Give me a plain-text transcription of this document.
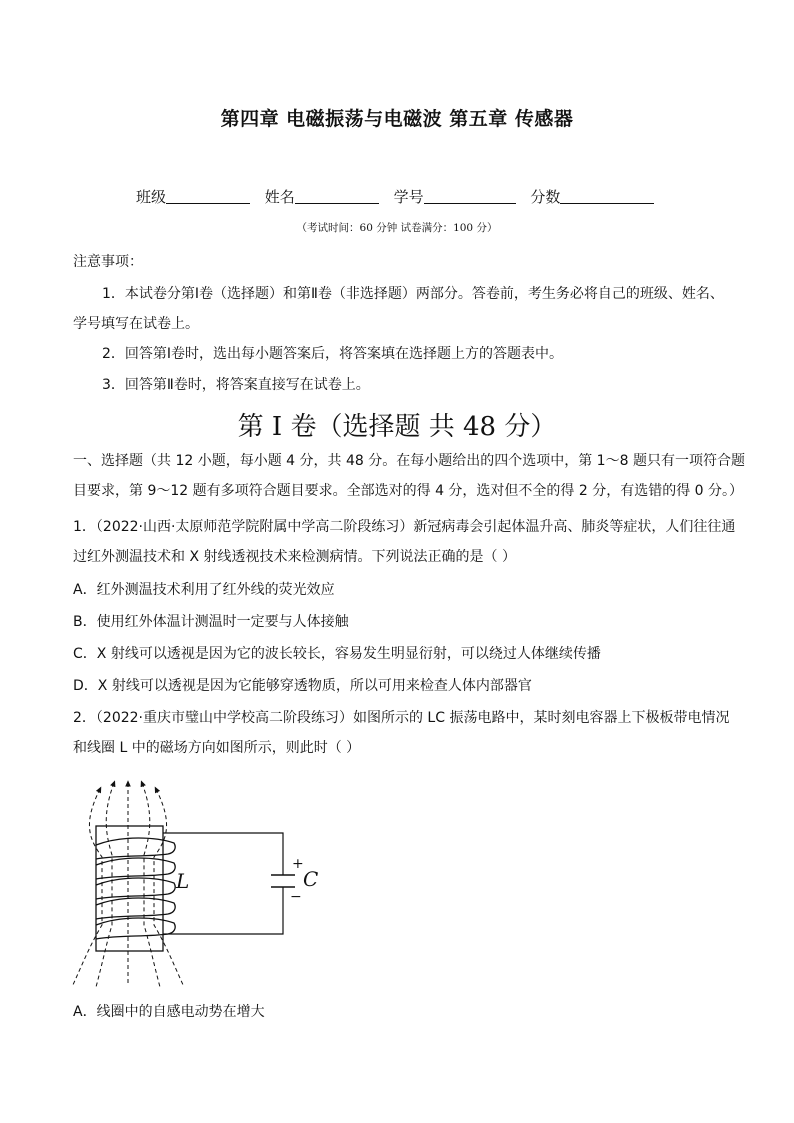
第四章 电磁振荡与电磁波 第五章 传感器
班级	姓名	学号	分数
（考试时间：60 分钟 试卷满分：100 分）
注意事项：
1．本试卷分第Ⅰ卷（选择题）和第Ⅱ卷（非选择题）两部分。答卷前，考生务必将自己的班级、姓名、
学号填写在试卷上。
2．回答第Ⅰ卷时，选出每小题答案后，将答案填在选择题上方的答题表中。
3．回答第Ⅱ卷时，将答案直接写在试卷上。
第 I 卷（选择题 共 48 分）
一、选择题（共 12 小题，每小题 4 分，共 48 分。在每小题给出的四个选项中，第 1～8 题只有一项符合题
目要求，第 9～12 题有多项符合题目要求。全部选对的得 4 分，选对但不全的得 2 分，有选错的得 0 分。）
1．（2022·山西·太原师范学院附属中学高二阶段练习）新冠病毒会引起体温升高、肺炎等症状，人们往往通
过红外测温技术和 X 射线透视技术来检测病情。下列说法正确的是（ ）
A．红外测温技术利用了红外线的荧光效应
B．使用红外体温计测温时一定要与人体接触
C．X 射线可以透视是因为它的波长较长，容易发生明显衍射，可以绕过人体继续传播
D．X 射线可以透视是因为它能够穿透物质，所以可用来检查人体内部器官
2．（2022·重庆市璧山中学校高二阶段练习）如图所示的 LC 振荡电路中，某时刻电容器上下极板带电情况
和线圈 L 中的磁场方向如图所示，则此时（ ）
+
−
L	C
A．线圈中的自感电动势在增大
